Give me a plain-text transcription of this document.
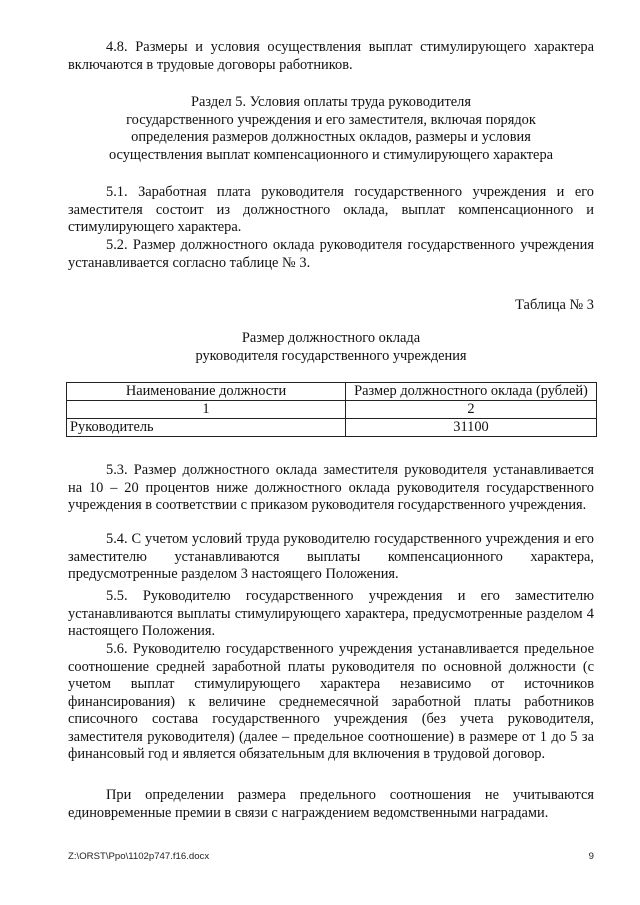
4.8. Размеры и условия осуществления выплат стимулирующего характера включаются в трудовые договоры работников.
Раздел 5. Условия оплаты труда руководителя
государственного учреждения и его заместителя, включая порядок
определения размеров должностных окладов, размеры и условия
осуществления выплат компенсационного и стимулирующего характера
5.1. Заработная плата руководителя государственного учреждения и его заместителя состоит из должностного оклада, выплат компенсационного и стимулирующего характера.
5.2. Размер должностного оклада руководителя государственного учреждения устанавливается согласно таблице № 3.
Таблица № 3
Размер должностного оклада
руководителя государственного учреждения
Наименование должности	Размер должностного оклада (рублей)
1	2
Руководитель	31100
5.3. Размер должностного оклада заместителя руководителя устанавливается на 10 – 20 процентов ниже должностного оклада руководителя государственного учреждения в соответствии с приказом руководителя государственного учреждения.
5.4. С учетом условий труда руководителю государственного учреждения и его заместителю устанавливаются выплаты компенсационного характера, предусмотренные разделом 3 настоящего Положения.
5.5. Руководителю государственного учреждения и его заместителю устанавливаются выплаты стимулирующего характера, предусмотренные разделом 4 настоящего Положения.
5.6. Руководителю государственного учреждения устанавливается предельное соотношение средней заработной платы руководителя по основной должности (с учетом выплат стимулирующего характера независимо от источников финансирования) к величине среднемесячной заработной платы работников списочного состава государственного учреждения (без учета руководителя, заместителя руководителя) (далее – предельное соотношение) в размере от 1 до 5 за финансовый год и является обязательным для включения в трудовой договор.
При определении размера предельного соотношения не учитываются единовременные премии в связи с награждением ведомственными наградами.
Z:\ORST\Ppo\1102p747.f16.docx	9
